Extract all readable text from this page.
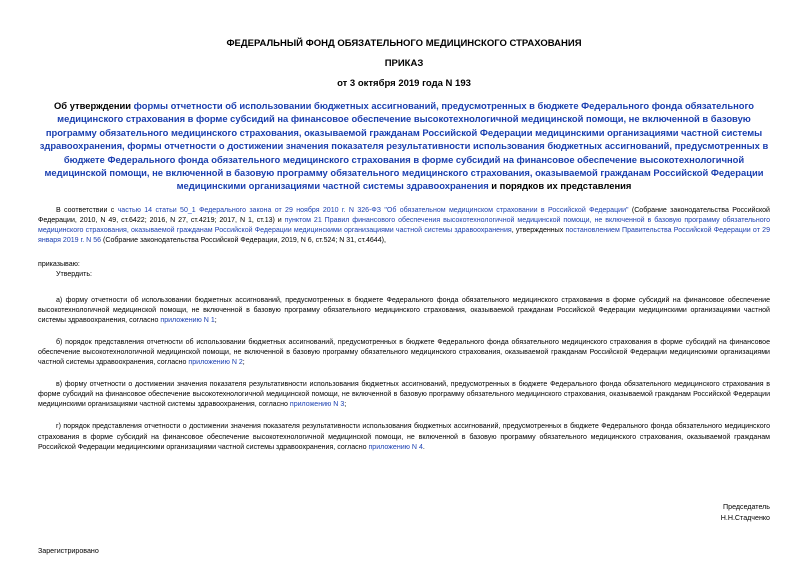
ФЕДЕРАЛЬНЫЙ ФОНД ОБЯЗАТЕЛЬНОГО МЕДИЦИНСКОГО СТРАХОВАНИЯ
ПРИКАЗ
от 3 октября 2019 года N 193
Об утверждении формы отчетности об использовании бюджетных ассигнований, предусмотренных в бюджете Федерального фонда обязательного медицинского страхования в форме субсидий на финансовое обеспечение высокотехнологичной медицинской помощи, не включенной в базовую программу обязательного медицинского страхования, оказываемой гражданам Российской Федерации медицинскими организациями частной системы здравоохранения, формы отчетности о достижении значения показателя результативности использования бюджетных ассигнований, предусмотренных в бюджете Федерального фонда обязательного медицинского страхования в форме субсидий на финансовое обеспечение высокотехнологичной медицинской помощи, не включенной в базовую программу обязательного медицинского страхования, оказываемой гражданам Российской Федерации медицинскими организациями частной системы здравоохранения и порядков их представления

В соответствии с частью 14 статьи 50_1 Федерального закона от 29 ноября 2010 г. N 326-ФЗ "Об обязательном медицинском страховании в Российской Федерации" (Собрание законодательства Российской Федерации, 2010, N 49, ст.6422; 2016, N 27, ст.4219; 2017, N 1, ст.13) и пунктом 21 Правил финансового обеспечения высокотехнологичной медицинской помощи, не включенной в базовую программу обязательного медицинского страхования, оказываемой гражданам Российской Федерации медицинскими организациями частной системы здравоохранения, утвержденных постановлением Правительства Российской Федерации от 29 января 2019 г. N 56 (Собрание законодательства Российской Федерации, 2019, N 6, ст.524; N 31, ст.4644),

приказываю:

Утвердить:

а) форму отчетности об использовании бюджетных ассигнований, предусмотренных в бюджете Федерального фонда обязательного медицинского страхования в форме субсидий на финансовое обеспечение высокотехнологичной медицинской помощи, не включенной в базовую программу обязательного медицинского страхования, оказываемой гражданам Российской Федерации медицинскими организациями частной системы здравоохранения, согласно приложению N 1;

б) порядок представления отчетности об использовании бюджетных ассигнований, предусмотренных в бюджете Федерального фонда обязательного медицинского страхования в форме субсидий на финансовое обеспечение высокотехнологичной медицинской помощи, не включенной в базовую программу обязательного медицинского страхования, оказываемой гражданам Российской Федерации медицинскими организациями частной системы здравоохранения, согласно приложению N 2;

в) форму отчетности о достижении значения показателя результативности использования бюджетных ассигнований, предусмотренных в бюджете Федерального фонда обязательного медицинского страхования в форме субсидий на финансовое обеспечение высокотехнологичной медицинской помощи, не включенной в базовую программу обязательного медицинского страхования, оказываемой гражданам Российской Федерации медицинскими организациями частной системы здравоохранения, согласно приложению N 3;

г) порядок представления отчетности о достижении значения показателя результативности использования бюджетных ассигнований, предусмотренных в бюджете Федерального фонда обязательного медицинского страхования в форме субсидий на финансовое обеспечение высокотехнологичной медицинской помощи, не включенной в базовую программу обязательного медицинского страхования, оказываемой гражданам Российской Федерации медицинскими организациями частной системы здравоохранения, согласно приложению N 4.

Председатель
Н.Н.Стадченко
Зарегистрировано
